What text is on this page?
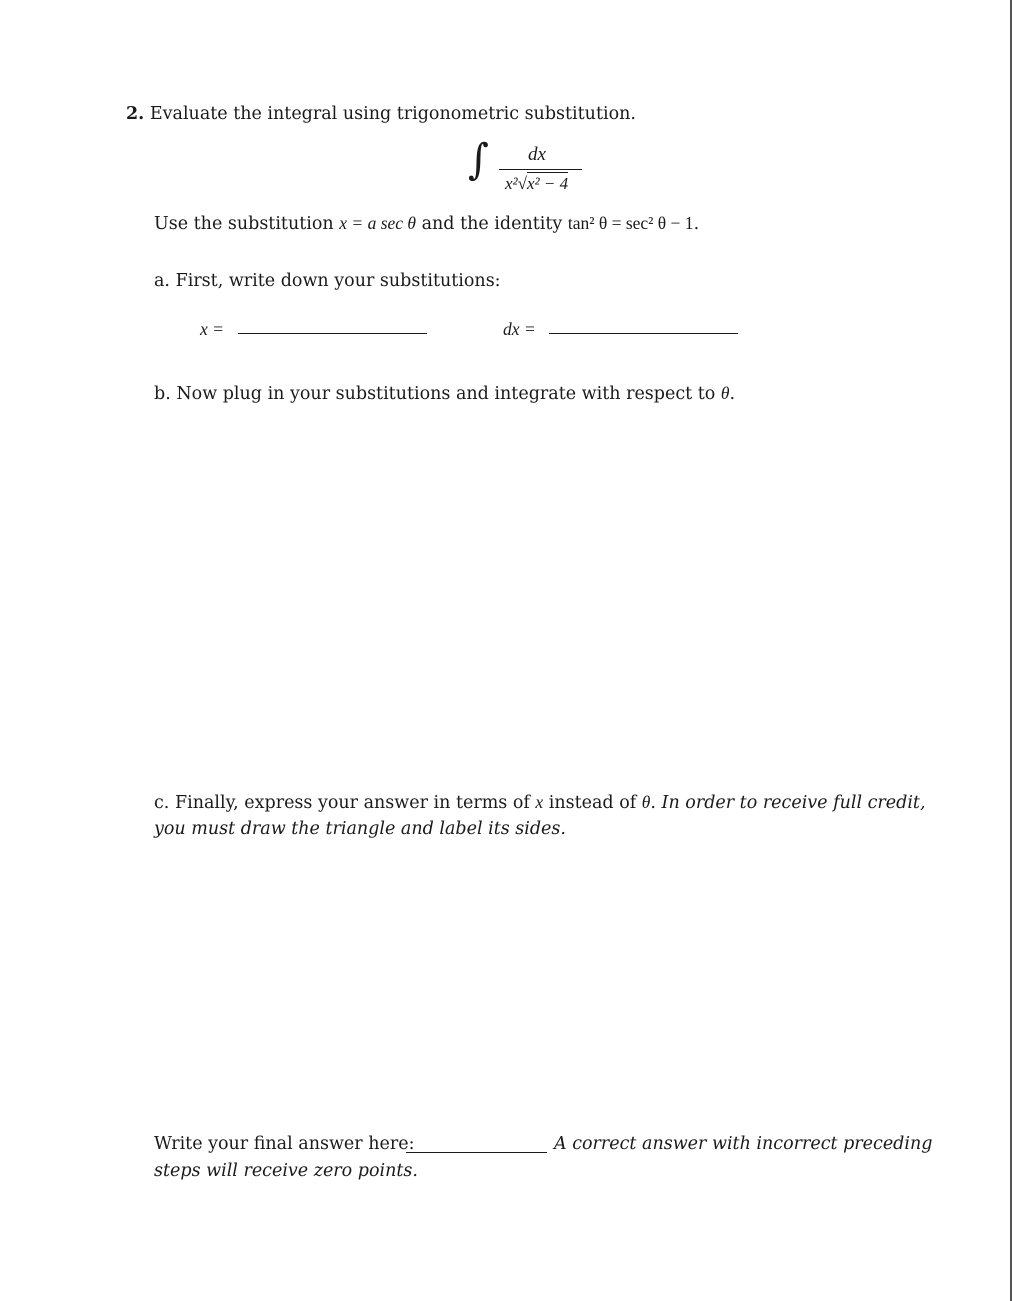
2. Evaluate the integral using trigonometric substitution.
∫ dx
x²√x² − 4
Use the substitution x = a sec θ and the identity tan² θ = sec² θ − 1.
a. First, write down your substitutions:
x =	dx =
b. Now plug in your substitutions and integrate with respect to θ.
c. Finally, express your answer in terms of x instead of θ. In order to receive full credit,
you must draw the triangle and label its sides.
Write your final answer here:	A correct answer with incorrect preceding
steps will receive zero points.
